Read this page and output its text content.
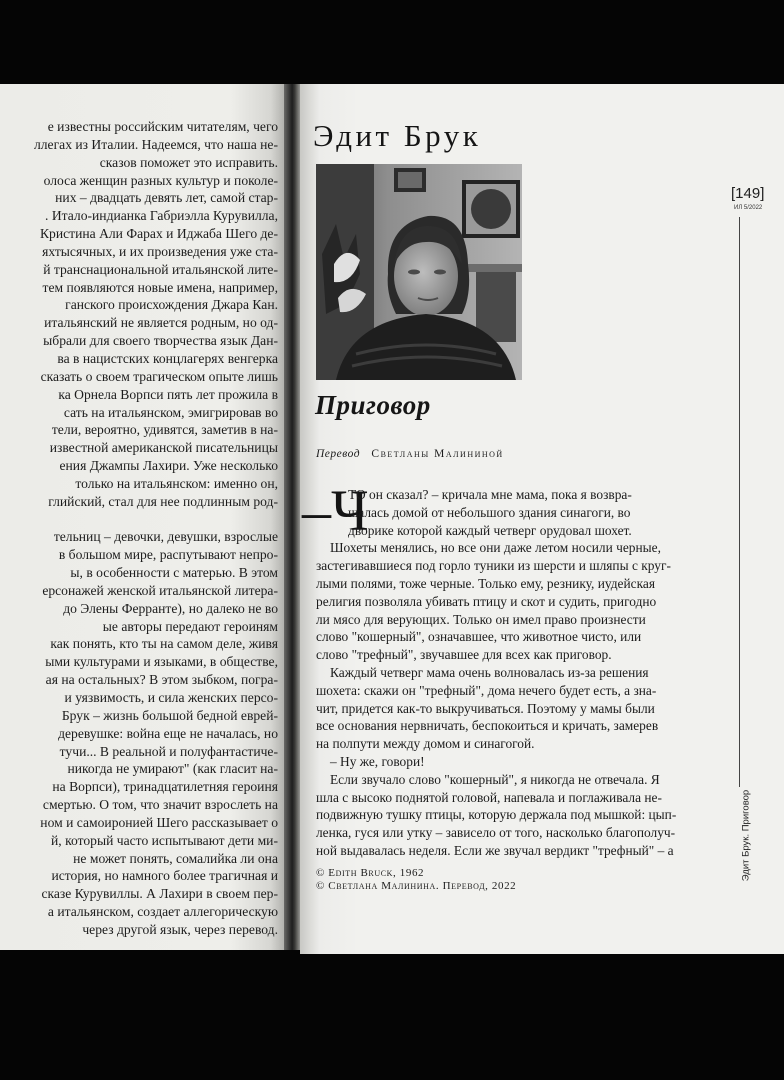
е известны российским читателям, чего
ллегах из Италии. Надеемся, что наша не-
сказов поможет это исправить.
олоса женщин разных культур и поколе-
них – двадцать девять лет, самой стар-
. Итало-индианка Габриэлла Курувилла,
Кристина Али Фарах и Иджаба Шего де-
яхтысячных, и их произведения уже ста-
й транснациональной итальянской лите-
тем появляются новые имена, например,
ганского происхождения Джара Кан.
итальянский не является родным, но од-
ыбрали для своего творчества язык Дан-
ва в нацистских концлагерях венгерка
сказать о своем трагическом опыте лишь
ка Орнела Ворпси пять лет прожила в
сать на итальянском, эмигрировав во
тели, вероятно, удивятся, заметив в на-
известной американской писательницы
ения Джампы Лахири. Уже несколько
только на итальянском: именно он,
глийский, стал для нее подлинным род-
тельниц – девочки, девушки, взрослые
в большом мире, распутывают непро-
ы, в особенности с матерью. В этом
ерсонажей женской итальянской литера-
до Элены Ферранте), но далеко не во
ые авторы передают героиням
как понять, кто ты на самом деле, живя
ыми культурами и языками, в обществе,
ая на остальных? В этом зыбком, погра-
и уязвимость, и сила женских персо-
Брук – жизнь большой бедной еврей-
деревушке: война еще не началась, но
тучи... В реальной и полуфантастиче-
никогда не умирают" (как гласит на-
на Ворпси), тринадцатилетняя героиня
смертью. О том, что значит взрослеть на
ном и самоиронией Шего рассказывает о
й, который часто испытывают дети ми-
не может понять, сомалийка ли она
история, но намного более трагичная и
сказе Курувиллы. А Лахири в своем пер-
а итальянском, создает аллегорическую
через другой язык, через перевод.
Эдит Брук
Приговор
Перевод Светланы Малининой
–Ч
ТО он сказал? – кричала мне мама, пока я возвра-
щалась домой от небольшого здания синагоги, во
дворике которой каждый четверг орудовал шохет.
Шохеты менялись, но все они даже летом носили черные,
застегивавшиеся под горло туники из шерсти и шляпы с круг-
лыми полями, тоже черные. Только ему, резнику, иудейская
религия позволяла убивать птицу и скот и судить, пригодно
ли мясо для верующих. Только он имел право произнести
слово "кошерный", означавшее, что животное чисто, или
слово "трефный", звучавшее для всех как приговор.
Каждый четверг мама очень волновалась из-за решения
шохета: скажи он "трефный", дома нечего будет есть, а зна-
чит, придется как-то выкручиваться. Поэтому у мамы были
все основания нервничать, беспокоиться и кричать, замерев
на полпути между домом и синагогой.
– Ну же, говори!
Если звучало слово "кошерный", я никогда не отвечала. Я
шла с высоко поднятой головой, напевала и поглаживала не-
подвижную тушку птицы, которую держала под мышкой: цып-
ленка, гуся или утку – зависело от того, насколько благополуч-
ной выдавалась неделя. Если же звучал вердикт "трефный" – а
© Edith Bruck, 1962
© Светлана Малинина. Перевод, 2022
[149]
ИЛ 5/2022
Эдит Брук. Приговор
